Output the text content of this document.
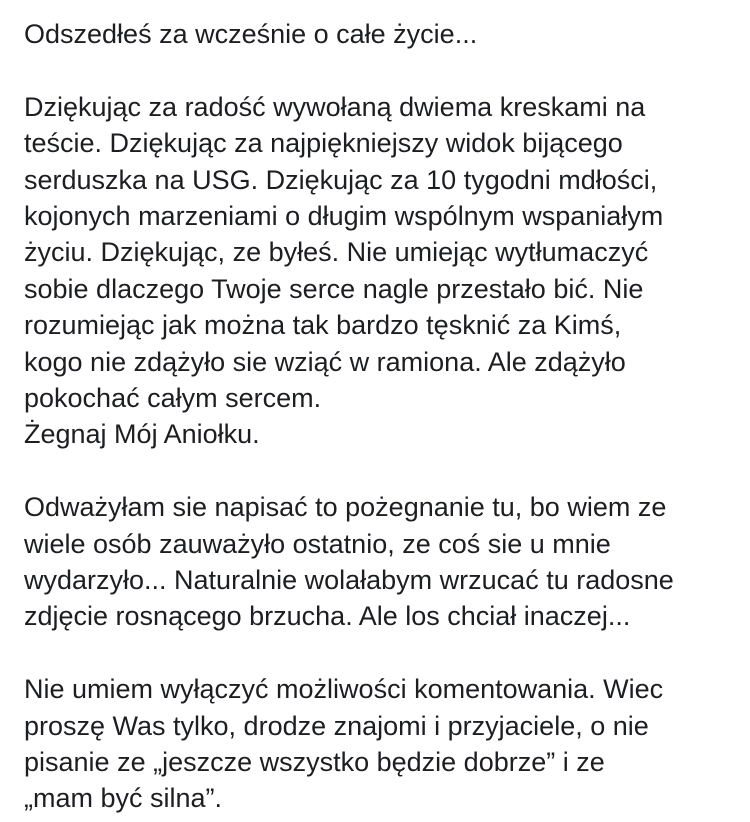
Odszedłeś za wcześnie o całe życie...

Dziękując za radość wywołaną dwiema kreskami na
teście. Dziękując za najpiękniejszy widok bijącego
serduszka na USG. Dziękując za 10 tygodni mdłości,
kojonych marzeniami o długim wspólnym wspaniałym
życiu. Dziękując, ze byłeś. Nie umiejąc wytłumaczyć
sobie dlaczego Twoje serce nagle przestało bić. Nie
rozumiejąc jak można tak bardzo tęsknić za Kimś,
kogo nie zdążyło sie wziąć w ramiona. Ale zdążyło
pokochać całym sercem.
Żegnaj Mój Aniołku.

Odważyłam sie napisać to pożegnanie tu, bo wiem ze
wiele osób zauważyło ostatnio, ze coś sie u mnie
wydarzyło... Naturalnie wolałabym wrzucać tu radosne
zdjęcie rosnącego brzucha. Ale los chciał inaczej...

Nie umiem wyłączyć możliwości komentowania. Wiec
proszę Was tylko, drodze znajomi i przyjaciele, o nie
pisanie ze „jeszcze wszystko będzie dobrze” i ze
„mam być silna”.
